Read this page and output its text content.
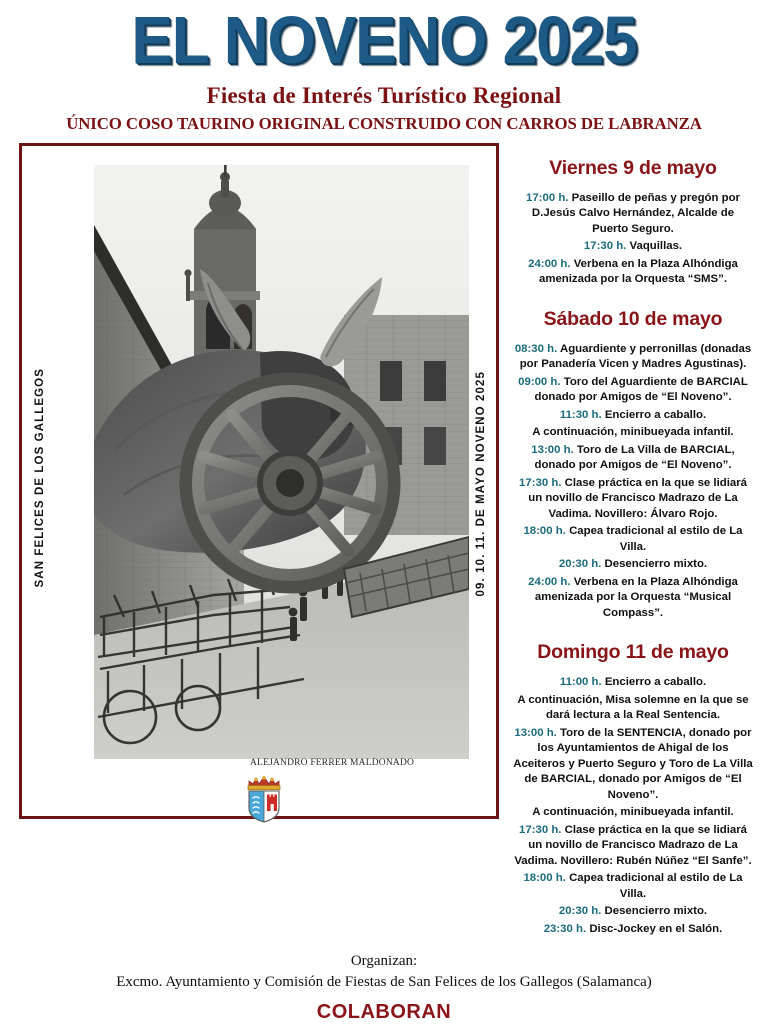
EL NOVENO 2025

Fiesta de Interés Turístico Regional

ÚNICO COSO TAURINO ORIGINAL CONSTRUIDO CON CARROS DE LABRANZA

SAN FELICES DE LOS GALLEGOS	09. 10. 11. DE MAYO NOVENO 2025
ALEJANDRO FERRER MALDONADO
Viernes 9 de mayo

17:00 h. Paseillo de peñas y pregón por D.Jesús Calvo Hernández, Alcalde de Puerto Seguro.

17:30 h. Vaquillas.

24:00 h. Verbena en la Plaza Alhóndiga amenizada por la Orquesta “SMS”.

Sábado 10 de mayo

08:30 h. Aguardiente y perronillas (donadas por Panadería Vicen y Madres Agustinas).

09:00 h. Toro del Aguardiente de BARCIAL donado por Amigos de “El Noveno”.

11:30 h. Encierro a caballo.

A continuación, minibueyada infantil.

13:00 h. Toro de La Villa de BARCIAL, donado por Amigos de “El Noveno”.

17:30 h. Clase práctica en la que se lidiará un novillo de Francisco Madrazo de La Vadima. Novillero: Álvaro Rojo.

18:00 h. Capea tradicional al estilo de La Villa.

20:30 h. Desencierro mixto.

24:00 h. Verbena en la Plaza Alhóndiga amenizada por la Orquesta “Musical Compass”.

Domingo 11 de mayo

11:00 h. Encierro a caballo.

A continuación, Misa solemne en la que se dará lectura a la Real Sentencia.

13:00 h. Toro de la SENTENCIA, donado por los Ayuntamientos de Ahigal de los Aceiteros y Puerto Seguro y Toro de La Villa de BARCIAL, donado por Amigos de “El Noveno”.

A continuación, minibueyada infantil.

17:30 h. Clase práctica en la que se lidiará un novillo de Francisco Madrazo de La Vadima. Novillero: Rubén Núñez “El Sanfe”.

18:00 h. Capea tradicional al estilo de La Villa.

20:30 h. Desencierro mixto.

23:30 h. Disc-Jockey en el Salón.

Organizan:

Excmo. Ayuntamiento y Comisión de Fiestas de San Felices de los Gallegos (Salamanca)

COLABORAN
